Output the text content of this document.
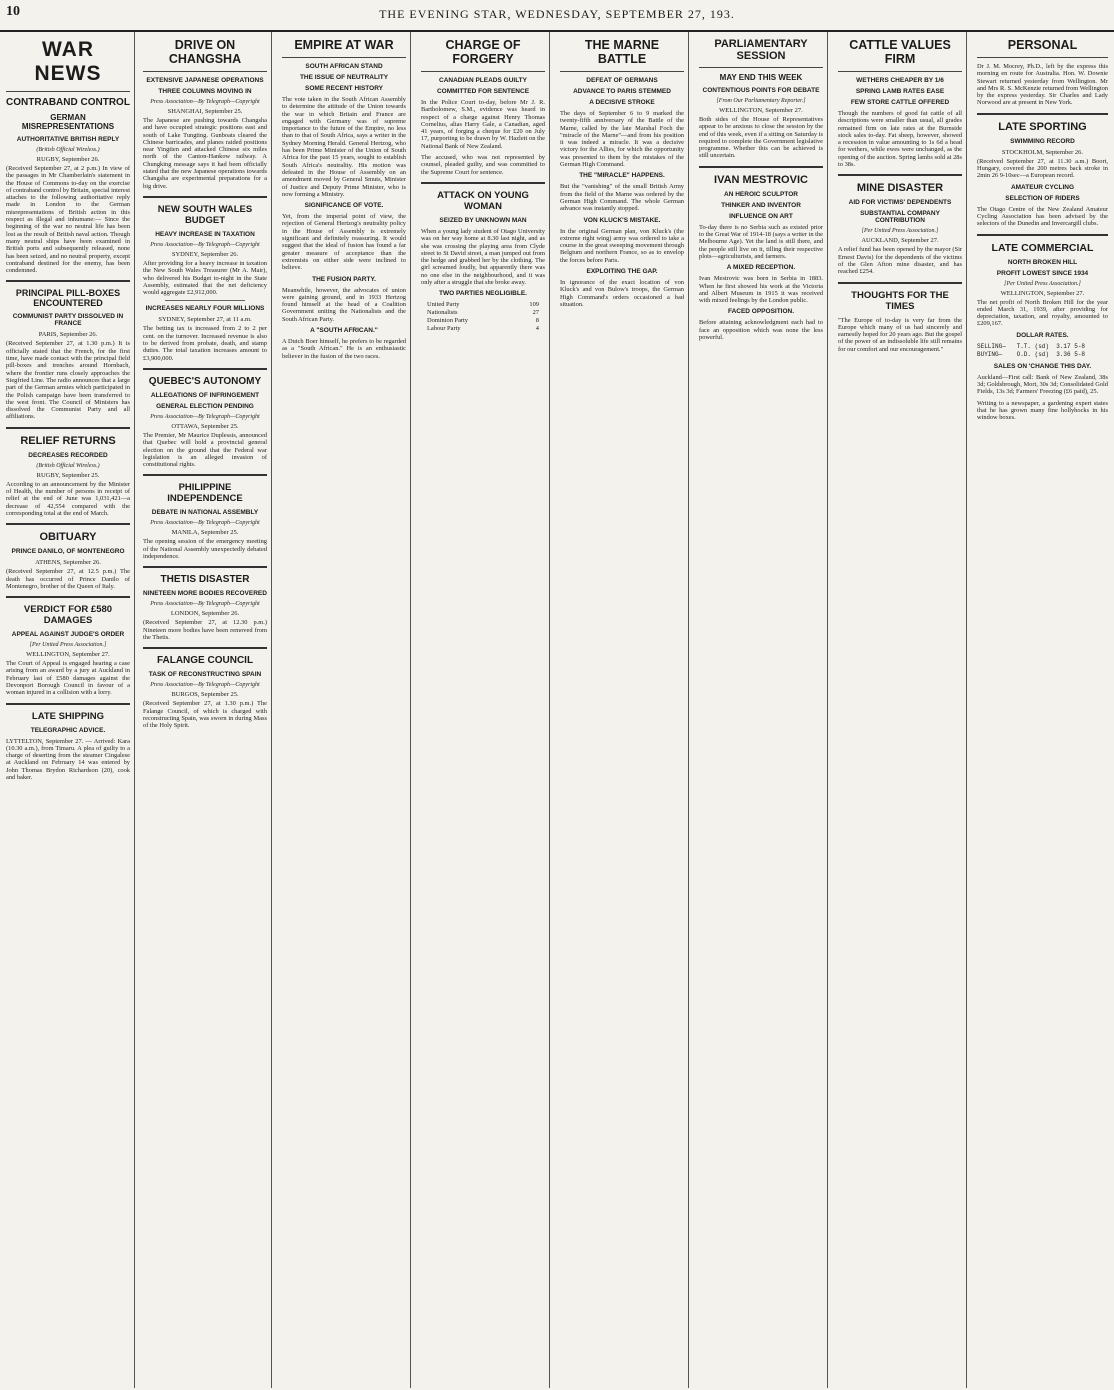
10	THE EVENING STAR, WEDNESDAY, SEPTEMBER 27, 193.
WAR NEWS
CONTRABAND CONTROL
GERMAN MISREPRESENTATIONS
AUTHORITATIVE BRITISH REPLY
(British Official Wireless.)
RUGBY, September 26.

(Received September 27, at 2 p.m.) In view of the passages in Mr Chamberlain's statement in the House of Commons to-day on the exercise of contraband control by Britain, special interest attaches to the following authoritative reply made in London to the German misrepresentations of British action in this respect as illegal and inhumane:— Since the beginning of the war no neutral life has been lost as the result of British naval action. Though many neutral ships have been examined in British ports and subsequently released, none has been seized, and no neutral property, except contraband destined for the enemy, has been condemned.

PRINCIPAL PILL-BOXES ENCOUNTERED
COMMUNIST PARTY DISSOLVED IN FRANCE
PARIS, September 26.

(Received September 27, at 1.30 p.m.) It is officially stated that the French, for the first time, have made contact with the principal field pill-boxes and trenches around Hornbach, where the frontier runs closely approaches the Siegfried Line. The radio announces that a large part of the German armies which participated in the Polish campaign have been transferred to the west front. The Council of Ministers has dissolved the Communist Party and all affiliations.

RELIEF RETURNS
DECREASES RECORDED
(British Official Wireless.)
RUGBY, September 25.

According to an announcement by the Minister of Health, the number of persons in receipt of relief at the end of June was 1,031,421—a decrease of 42,554 compared with the corresponding total at the end of March.

OBITUARY
PRINCE DANILO, OF MONTENEGRO
ATHENS, September 26.

(Received September 27, at 12.5 p.m.) The death has occurred of Prince Danilo of Montenegro, brother of the Queen of Italy.

VERDICT FOR £580 DAMAGES
APPEAL AGAINST JUDGE'S ORDER
[Per United Press Association.]
WELLINGTON, September 27.

The Court of Appeal is engaged hearing a case arising from an award by a jury at Auckland in February last of £580 damages against the Devonport Borough Council in favour of a woman injured in a collision with a lorry.

LATE SHIPPING
TELEGRAPHIC ADVICE.

LYTTELTON, September 27. — Arrived: Kara (10.30 a.m.), from Timaru. A plea of guilty to a charge of deserting from the steamer Cingalese at Auckland on February 14 was entered by John Thomas Brydon Richardson (20), cook and baker.

DRIVE ON CHANGSHA
EXTENSIVE JAPANESE OPERATIONS
THREE COLUMNS MOVING IN
Press Association—By Telegraph—Copyright
SHANGHAI, September 25.

The Japanese are pushing towards Changsha and have occupied strategic positions east and south of Lake Tungting. Gunboats cleared the Chinese barricades, and planes raided positions near Yingtien and attacked Chinese six miles north of the Canton-Hankow railway. A Chungking message says it had been officially stated that the new Japanese operations towards Changsha are experimental preparations for a big drive.

NEW SOUTH WALES BUDGET
HEAVY INCREASE IN TAXATION
Press Association—By Telegraph—Copyright
SYDNEY, September 26.

After providing for a heavy increase in taxation the New South Wales Treasurer (Mr A. Mair), who delivered his Budget to-night in the State Assembly, estimated that the net deficiency would aggregate £2,912,000.

INCREASES NEARLY FOUR MILLIONS
SYDNEY, September 27, at 11 a.m.

The betting tax is increased from 2 to 2 per cent. on the turnover. Increased revenue is also to be derived from probate, death, and stamp duties. The total taxation increases amount to £3,900,000.

QUEBEC'S AUTONOMY
ALLEGATIONS OF INFRINGEMENT
GENERAL ELECTION PENDING
Press Association—By Telegraph—Copyright
OTTAWA, September 25.

The Premier, Mr Maurice Duplessis, announced that Quebec will hold a provincial general election on the ground that the Federal war legislation is an alleged invasion of constitutional rights.

PHILIPPINE INDEPENDENCE
DEBATE IN NATIONAL ASSEMBLY
Press Association—By Telegraph—Copyright
MANILA, September 25.

The opening session of the emergency meeting of the National Assembly unexpectedly debated independence.

THETIS DISASTER
NINETEEN MORE BODIES RECOVERED
Press Association—By Telegraph—Copyright
LONDON, September 26.

(Received September 27, at 12.30 p.m.) Nineteen more bodies have been removed from the Thetis.

FALANGE COUNCIL
TASK OF RECONSTRUCTING SPAIN
Press Association—By Telegraph—Copyright
BURGOS, September 25.

(Received September 27, at 1.30 p.m.) The Falange Council, of which is charged with reconstructing Spain, was sworn in during Mass of the Holy Spirit.

EMPIRE AT WAR
SOUTH AFRICAN STAND
THE ISSUE OF NEUTRALITY
SOME RECENT HISTORY

The vote taken in the South African Assembly to determine the attitude of the Union towards the war in which Britain and France are engaged with Germany was of supreme importance to the future of the Empire, no less than to that of South Africa, says a writer in the Sydney Morning Herald. General Hertzog, who has been Prime Minister of the Union of South Africa for the past 15 years, sought to establish South Africa's neutrality. His motion was defeated in the House of Assembly on an amendment moved by General Smuts, Minister of Justice and Deputy Prime Minister, who is now forming a Ministry.

SIGNIFICANCE OF VOTE.

Yet, from the imperial point of view, the rejection of General Hertzog's neutrality policy in the House of Assembly is extremely significant and definitely reassuring. It would suggest that the ideal of fusion has found a far greater measure of acceptance than the extremists on either side were inclined to believe.

THE FUSION PARTY.

Meanwhile, however, the advocates of union were gaining ground, and in 1933 Hertzog found himself at the head of a Coalition Government uniting the Nationalists and the South African Party.

A "SOUTH AFRICAN."

A Dutch Boer himself, he prefers to be regarded as a "South African." He is an enthusiastic believer in the fusion of the two races.

CHARGE OF FORGERY
CANADIAN PLEADS GUILTY
COMMITTED FOR SENTENCE

In the Police Court to-day, before Mr J. R. Bartholomew, S.M., evidence was heard in respect of a charge against Henry Thomas Cornelius, alias Harry Gale, a Canadian, aged 41 years, of forging a cheque for £20 on July 17, purporting to be drawn by W. Hazlett on the National Bank of New Zealand.

The accused, who was not represented by counsel, pleaded guilty, and was committed to the Supreme Court for sentence.

ATTACK ON YOUNG WOMAN
SEIZED BY UNKNOWN MAN

When a young lady student of Otago University was on her way home at 8.30 last night, and as she was crossing the playing area from Clyde street to St David street, a man jumped out from the hedge and grabbed her by the clothing. The girl screamed loudly, but apparently there was no one else in the neighbourhood, and it was only after a struggle that she broke away.

TWO PARTIES NEGLIGIBLE.
United Party	109
Nationalists	27
Dominion Party	8
Labour Party	4
THE MARNE BATTLE
DEFEAT OF GERMANS
ADVANCE TO PARIS STEMMED
A DECISIVE STROKE

The days of September 6 to 9 marked the twenty-fifth anniversary of the Battle of the Marne, called by the late Marshal Foch the "miracle of the Marne"—and from his position it was indeed a miracle. It was a decisive victory for the Allies, for which the opportunity was presented to them by the mistakes of the German High Command.

THE "MIRACLE" HAPPENS.

But the "vanishing" of the small British Army from the field of the Marne was ordered by the German High Command. The whole German advance was instantly stopped.

VON KLUCK'S MISTAKE.

In the original German plan, von Kluck's (the extreme right wing) army was ordered to take a course in the great sweeping movement through Belgium and northern France, so as to envelop the forces before Paris.

EXPLOITING THE GAP.

In ignorance of the exact location of von Kluck's and von Bulow's troops, the German High Command's orders occasioned a bad situation.

PARLIAMENTARY SESSION
MAY END THIS WEEK
CONTENTIOUS POINTS FOR DEBATE
[From Our Parliamentary Reporter.]
WELLINGTON, September 27.

Both sides of the House of Representatives appear to be anxious to close the session by the end of this week, even if a sitting on Saturday is required to complete the Government legislative programme. Whether this can be achieved is still uncertain.

IVAN MESTROVIC
AN HEROIC SCULPTOR
THINKER AND INVENTOR
INFLUENCE ON ART

To-day there is no Serbia such as existed prior to the Great War of 1914-18 (says a writer in the Melbourne Age). Yet the land is still there, and the people still live on it, tilling their respective plots—agriculturists, and farmers.

A MIXED RECEPTION.

Ivan Mestrovic was born in Serbia in 1883. When he first showed his work at the Victoria and Albert Museum in 1915 it was received with mixed feelings by the London public.

FACED OPPOSITION.

Before attaining acknowledgment each had to face an opposition which was none the less powerful.

CATTLE VALUES FIRM
WETHERS CHEAPER BY 1/6
SPRING LAMB RATES EASE
FEW STORE CATTLE OFFERED

Though the numbers of good fat cattle of all descriptions were smaller than usual, all grades remained firm on late rates at the Burnside stock sales to-day. Fat sheep, however, showed a recession in value amounting to 1s 6d a head for wethers, while ewes were unchanged, as the opening of the auction. Spring lambs sold at 28s to 38s.

MINE DISASTER
AID FOR VICTIMS' DEPENDENTS
SUBSTANTIAL COMPANY CONTRIBUTION
[Per United Press Association.]
AUCKLAND, September 27.

A relief fund has been opened by the mayor (Sir Ernest Davis) for the dependents of the victims of the Glen Afton mine disaster, and has reached £254.

THOUGHTS FOR THE TIMES

"The Europe of to-day is very far from the Europe which many of us had sincerely and earnestly hoped for 20 years ago. But the gospel of the power of an indissoluble life still remains for our comfort and our encouragement."

PERSONAL

Dr J. M. Mocrey, Ph.D., left by the express this morning en route for Australia. Hon. W. Downie Stewart returned yesterday from Wellington. Mr and Mrs R. S. McKenzie returned from Wellington by the express yesterday. Sir Charles and Lady Norwood are at present in New York.

LATE SPORTING
SWIMMING RECORD
STOCKHOLM, September 26.

(Received September 27, at 11.30 a.m.) Boort, Hungary, covered the 200 metres back stroke in 2min 26 9-10sec—a European record.

AMATEUR CYCLING
SELECTION OF RIDERS

The Otago Centre of the New Zealand Amateur Cycling Association has been advised by the selectors of the Dunedin and Invercargill clubs.

LATE COMMERCIAL
NORTH BROKEN HILL
PROFIT LOWEST SINCE 1934
[Per United Press Association.]
WELLINGTON, September 27.

The net profit of North Broken Hill for the year ended March 31, 1939, after providing for depreciation, taxation, and royalty, amounted to £209,167.

DOLLAR RATES.
SELLING—   T.T. (sd)  3.17 5-8
BUYING—    O.D. (sd)  3.36 5-8
SALES ON 'CHANGE THIS DAY.

Auckland—First call: Bank of New Zealand, 38s 3d; Goldsbrough, Mort, 30s 3d; Consolidated Gold Fields, 13s 3d; Farmers' Freezing (£6 paid), 25.

Writing to a newspaper, a gardening expert states that he has grown many fine hollyhocks in his window boxes.
